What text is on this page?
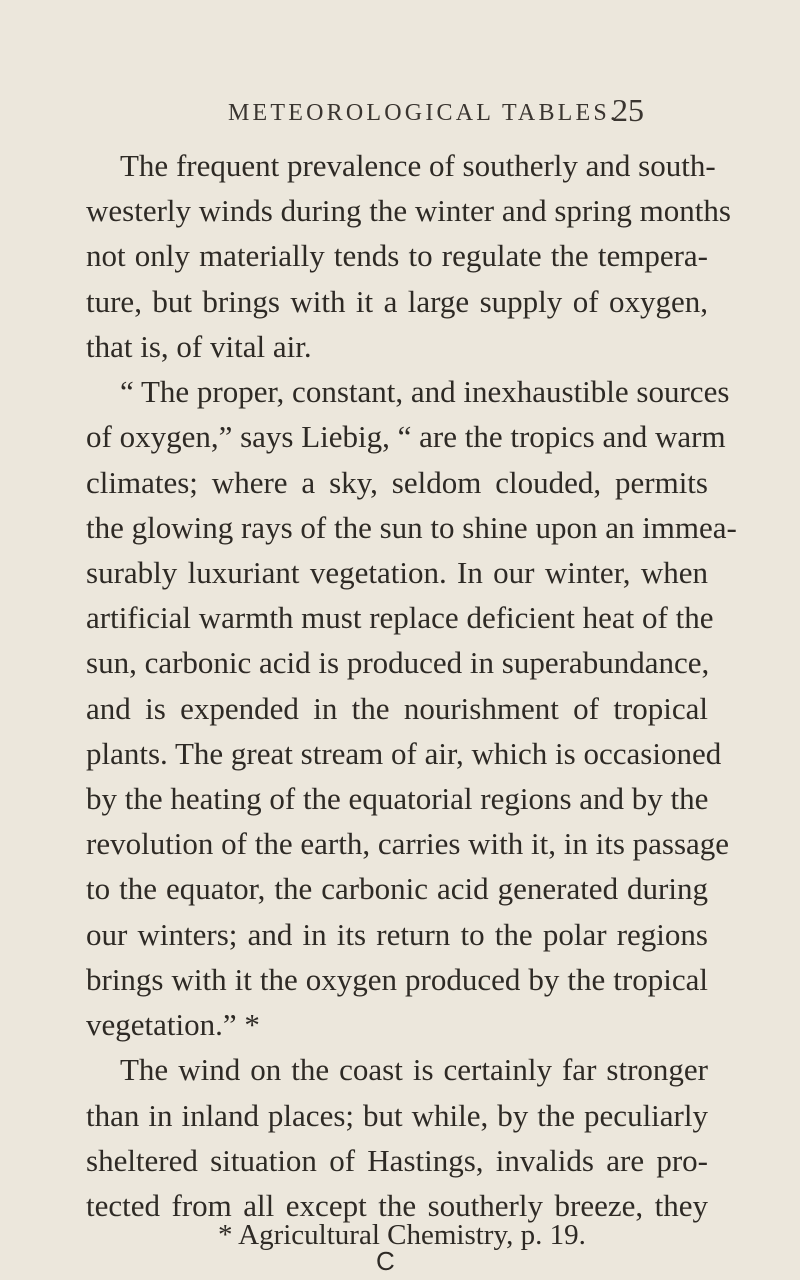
METEOROLOGICAL TABLES.
25
The frequent prevalence of southerly and south-
westerly winds during the winter and spring months
not only materially tends to regulate the tempera-
ture, but brings with it a large supply of oxygen,
that is, of vital air.
“ The proper, constant, and inexhaustible sources
of oxygen,” says Liebig, “ are the tropics and warm
climates; where a sky, seldom clouded, permits
the glowing rays of the sun to shine upon an immea-
surably luxuriant vegetation. In our winter, when
artificial warmth must replace deficient heat of the
sun, carbonic acid is produced in superabundance,
and is expended in the nourishment of tropical
plants. The great stream of air, which is occasioned
by the heating of the equatorial regions and by the
revolution of the earth, carries with it, in its passage
to the equator, the carbonic acid generated during
our winters; and in its return to the polar regions
brings with it the oxygen produced by the tropical
vegetation.” *
The wind on the coast is certainly far stronger
than in inland places; but while, by the peculiarly
sheltered situation of Hastings, invalids are pro-
tected from all except the southerly breeze, they
* Agricultural Chemistry, p. 19.
C
